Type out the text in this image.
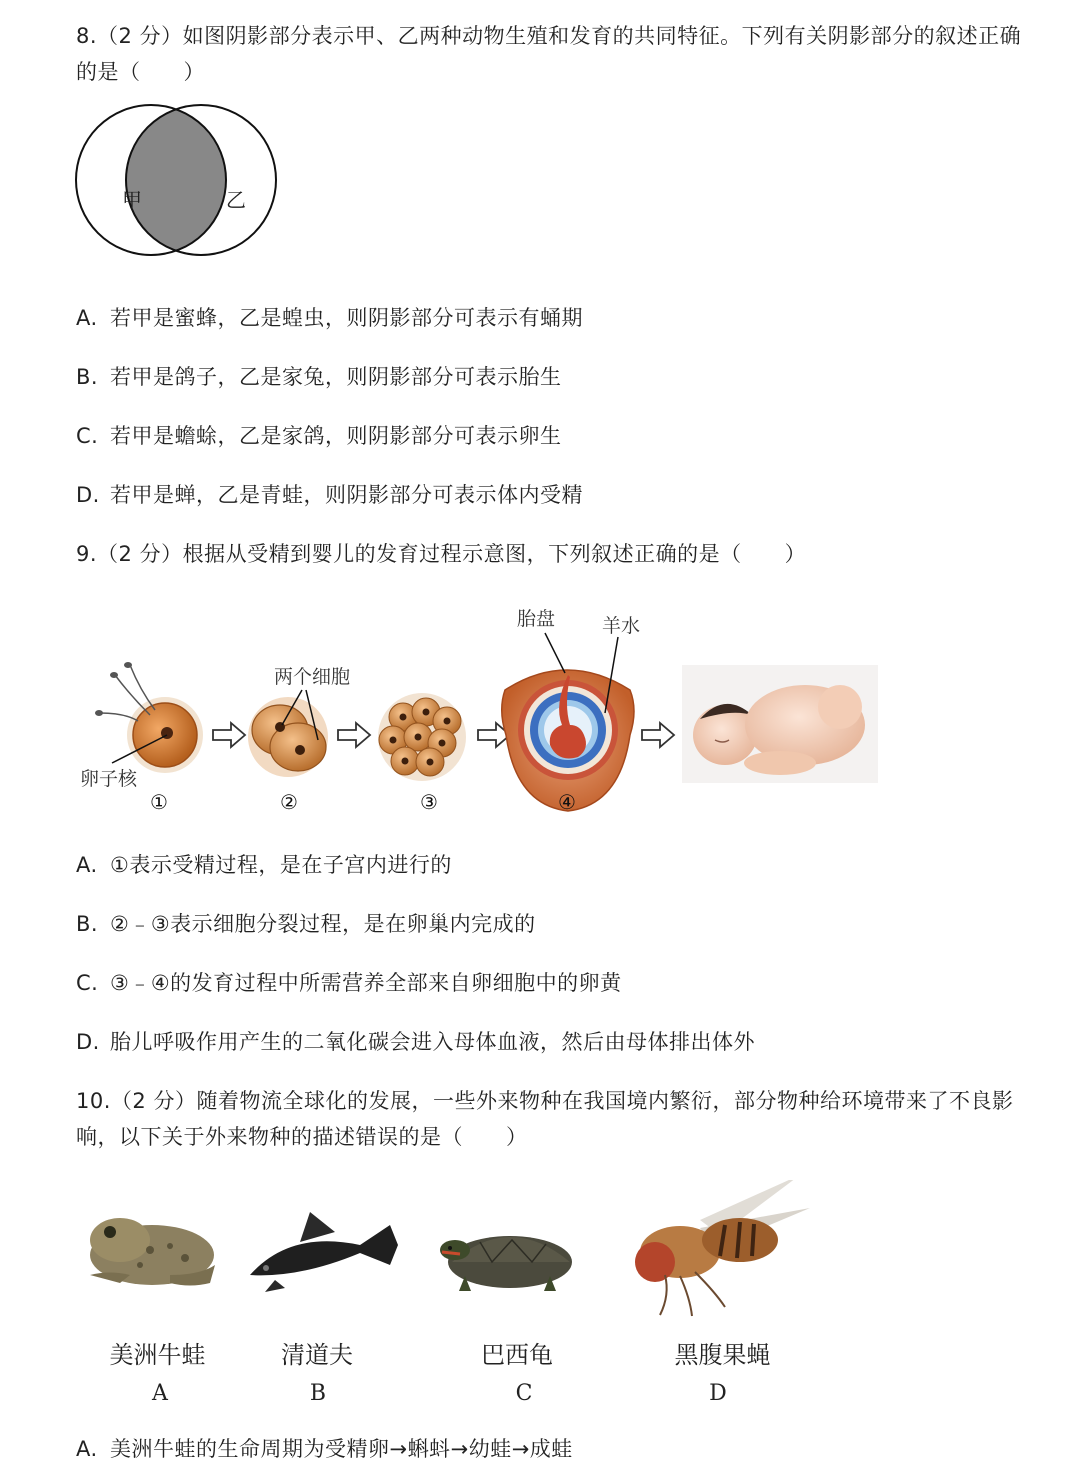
8.（2 分）如图阴影部分表示甲、乙两种动物生殖和发育的共同特征。下列有关阴影部分的叙述正确
的是（　　）
甲	乙
A. 若甲是蜜蜂，乙是蝗虫，则阴影部分可表示有蛹期
B. 若甲是鸽子，乙是家兔，则阴影部分可表示胎生
C. 若甲是蟾蜍，乙是家鸽，则阴影部分可表示卵生
D. 若甲是蝉，乙是青蛙，则阴影部分可表示体内受精
9.（2 分）根据从受精到婴儿的发育过程示意图，下列叙述正确的是（　　）
卵子核
①
两个细胞
②	③
胎盘 羊水
④
A. ①表示受精过程，是在子宫内进行的
B. ②﹣③表示细胞分裂过程，是在卵巢内完成的
C. ③﹣④的发育过程中所需营养全部来自卵细胞中的卵黄
D. 胎儿呼吸作用产生的二氧化碳会进入母体血液，然后由母体排出体外
10.（2 分）随着物流全球化的发展，一些外来物种在我国境内繁衍，部分物种给环境带来了不良影
响，以下关于外来物种的描述错误的是（　　）
美洲牛蛙	清道夫	巴西龟	黑腹果蝇
A	B	C	D
A. 美洲牛蛙的生命周期为受精卵→蝌蚪→幼蛙→成蛙
